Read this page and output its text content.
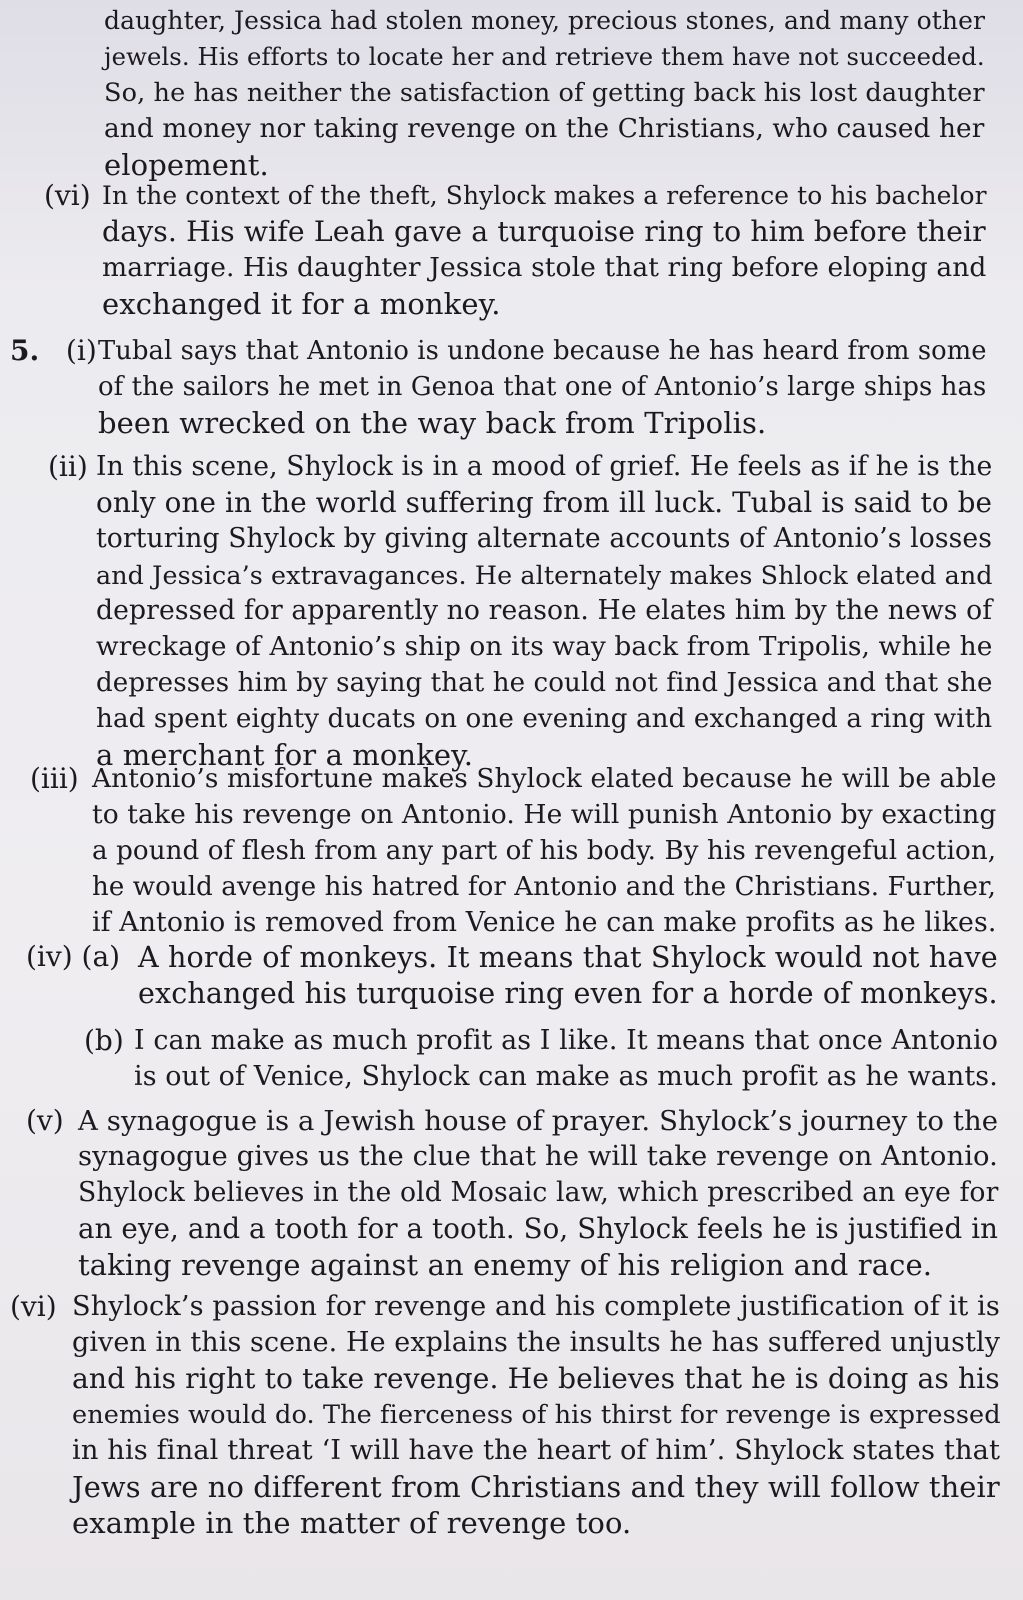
daughter, Jessica had stolen money, precious stones, and many other
jewels. His efforts to locate her and retrieve them have not succeeded.
So, he has neither the satisfaction of getting back his lost daughter
and money nor taking revenge on the Christians, who caused her
elopement.
(vi) In the context of the theft, Shylock makes a reference to his bachelor
days. His wife Leah gave a turquoise ring to him before their
marriage. His daughter Jessica stole that ring before eloping and
exchanged it for a monkey.
5.   (i) Tubal says that Antonio is undone because he has heard from some
of the sailors he met in Genoa that one of Antonio’s large ships has
been wrecked on the way back from Tripolis.
(ii) In this scene, Shylock is in a mood of grief. He feels as if he is the
only one in the world suffering from ill luck. Tubal is said to be
torturing Shylock by giving alternate accounts of Antonio’s losses
and Jessica’s extravagances. He alternately makes Shlock elated and
depressed for apparently no reason. He elates him by the news of
wreckage of Antonio’s ship on its way back from Tripolis, while he
depresses him by saying that he could not find Jessica and that she
had spent eighty ducats on one evening and exchanged a ring with
a merchant for a monkey.
(iii) Antonio’s misfortune makes Shylock elated because he will be able
to take his revenge on Antonio. He will punish Antonio by exacting
a pound of flesh from any part of his body. By his revengeful action,
he would avenge his hatred for Antonio and the Christians. Further,
if Antonio is removed from Venice he can make profits as he likes.
(iv) (a) A horde of monkeys. It means that Shylock would not have
exchanged his turquoise ring even for a horde of monkeys.
(b) I can make as much profit as I like. It means that once Antonio
is out of Venice, Shylock can make as much profit as he wants.
(v) A synagogue is a Jewish house of prayer. Shylock’s journey to the
synagogue gives us the clue that he will take revenge on Antonio.
Shylock believes in the old Mosaic law, which prescribed an eye for
an eye, and a tooth for a tooth. So, Shylock feels he is justified in
taking revenge against an enemy of his religion and race.
(vi) Shylock’s passion for revenge and his complete justification of it is
given in this scene. He explains the insults he has suffered unjustly
and his right to take revenge. He believes that he is doing as his
enemies would do. The fierceness of his thirst for revenge is expressed
in his final threat ‘I will have the heart of him’. Shylock states that
Jews are no different from Christians and they will follow their
example in the matter of revenge too.
